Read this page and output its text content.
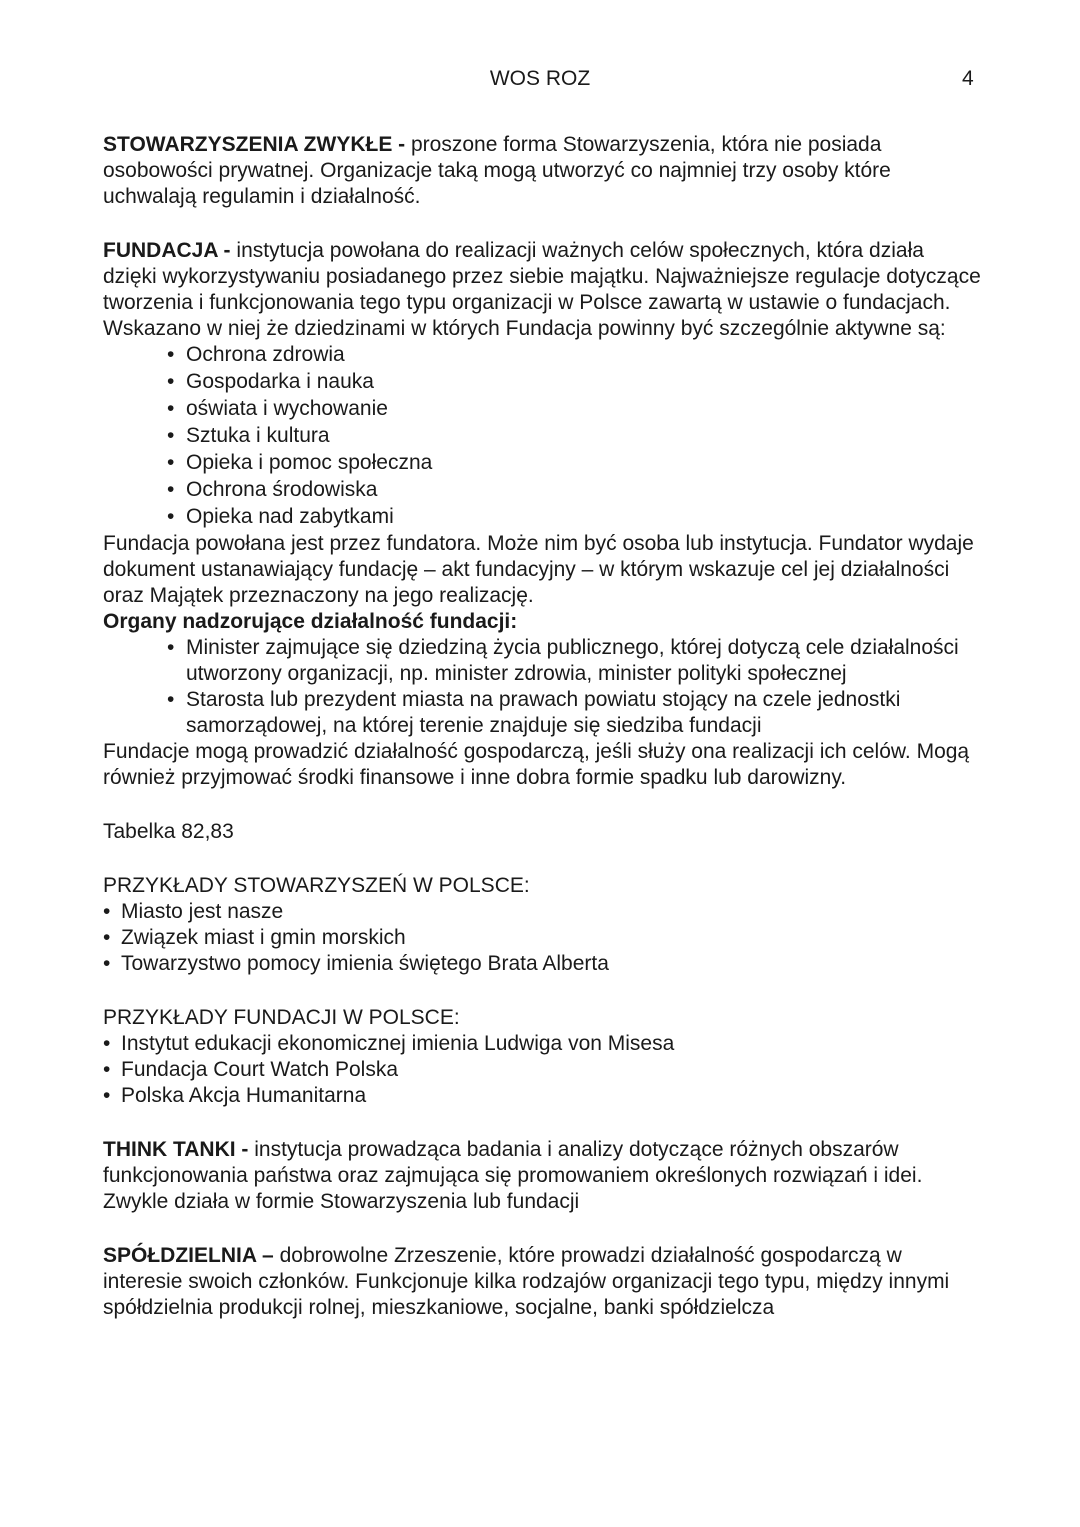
WOS ROZ	4

STOWARZYSZENIA ZWYKŁE - proszone forma Stowarzyszenia, która nie posiada osobowości prywatnej. Organizacje taką mogą utworzyć co najmniej trzy osoby które uchwalają regulamin i działalność.

FUNDACJA - instytucja powołana do realizacji ważnych celów społecznych, która działa dzięki wykorzystywaniu posiadanego przez siebie majątku. Najważniejsze regulacje dotyczące tworzenia i funkcjonowania tego typu organizacji w Polsce zawartą w ustawie o fundacjach. Wskazano w niej że dziedzinami w których Fundacja powinny być szczególnie aktywne są:

• Ochrona zdrowia
• Gospodarka i nauka
• oświata i wychowanie
• Sztuka i kultura
• Opieka i pomoc społeczna
• Ochrona środowiska
• Opieka nad zabytkami

Fundacja powołana jest przez fundatora. Może nim być osoba lub instytucja. Fundator wydaje dokument ustanawiający fundację – akt fundacyjny – w którym wskazuje cel jej działalności oraz Majątek przeznaczony na jego realizację.

Organy nadzorujące działalność fundacji:

• Minister zajmujące się dziedziną życia publicznego, której dotyczą cele działalności utworzony organizacji, np. minister zdrowia, minister polityki społecznej
• Starosta lub prezydent miasta na prawach powiatu stojący na czele jednostki samorządowej, na której terenie znajduje się siedziba fundacji

Fundacje mogą prowadzić działalność gospodarczą, jeśli służy ona realizacji ich celów. Mogą również przyjmować środki finansowe i inne dobra formie spadku lub darowizny.

Tabelka 82,83

PRZYKŁADY STOWARZYSZEŃ W POLSCE:

• Miasto jest nasze
• Związek miast i gmin morskich
• Towarzystwo pomocy imienia świętego Brata Alberta

PRZYKŁADY FUNDACJI W POLSCE:

• Instytut edukacji ekonomicznej imienia Ludwiga von Misesa
• Fundacja Court Watch Polska
• Polska Akcja Humanitarna

THINK TANKI - instytucja prowadząca badania i analizy dotyczące różnych obszarów funkcjonowania państwa oraz zajmująca się promowaniem określonych rozwiązań i idei. Zwykle działa w formie Stowarzyszenia lub fundacji

SPÓŁDZIELNIA – dobrowolne Zrzeszenie, które prowadzi działalność gospodarczą w interesie swoich członków. Funkcjonuje kilka rodzajów organizacji tego typu, między innymi spółdzielnia produkcji rolnej, mieszkaniowe, socjalne, banki spółdzielcza
